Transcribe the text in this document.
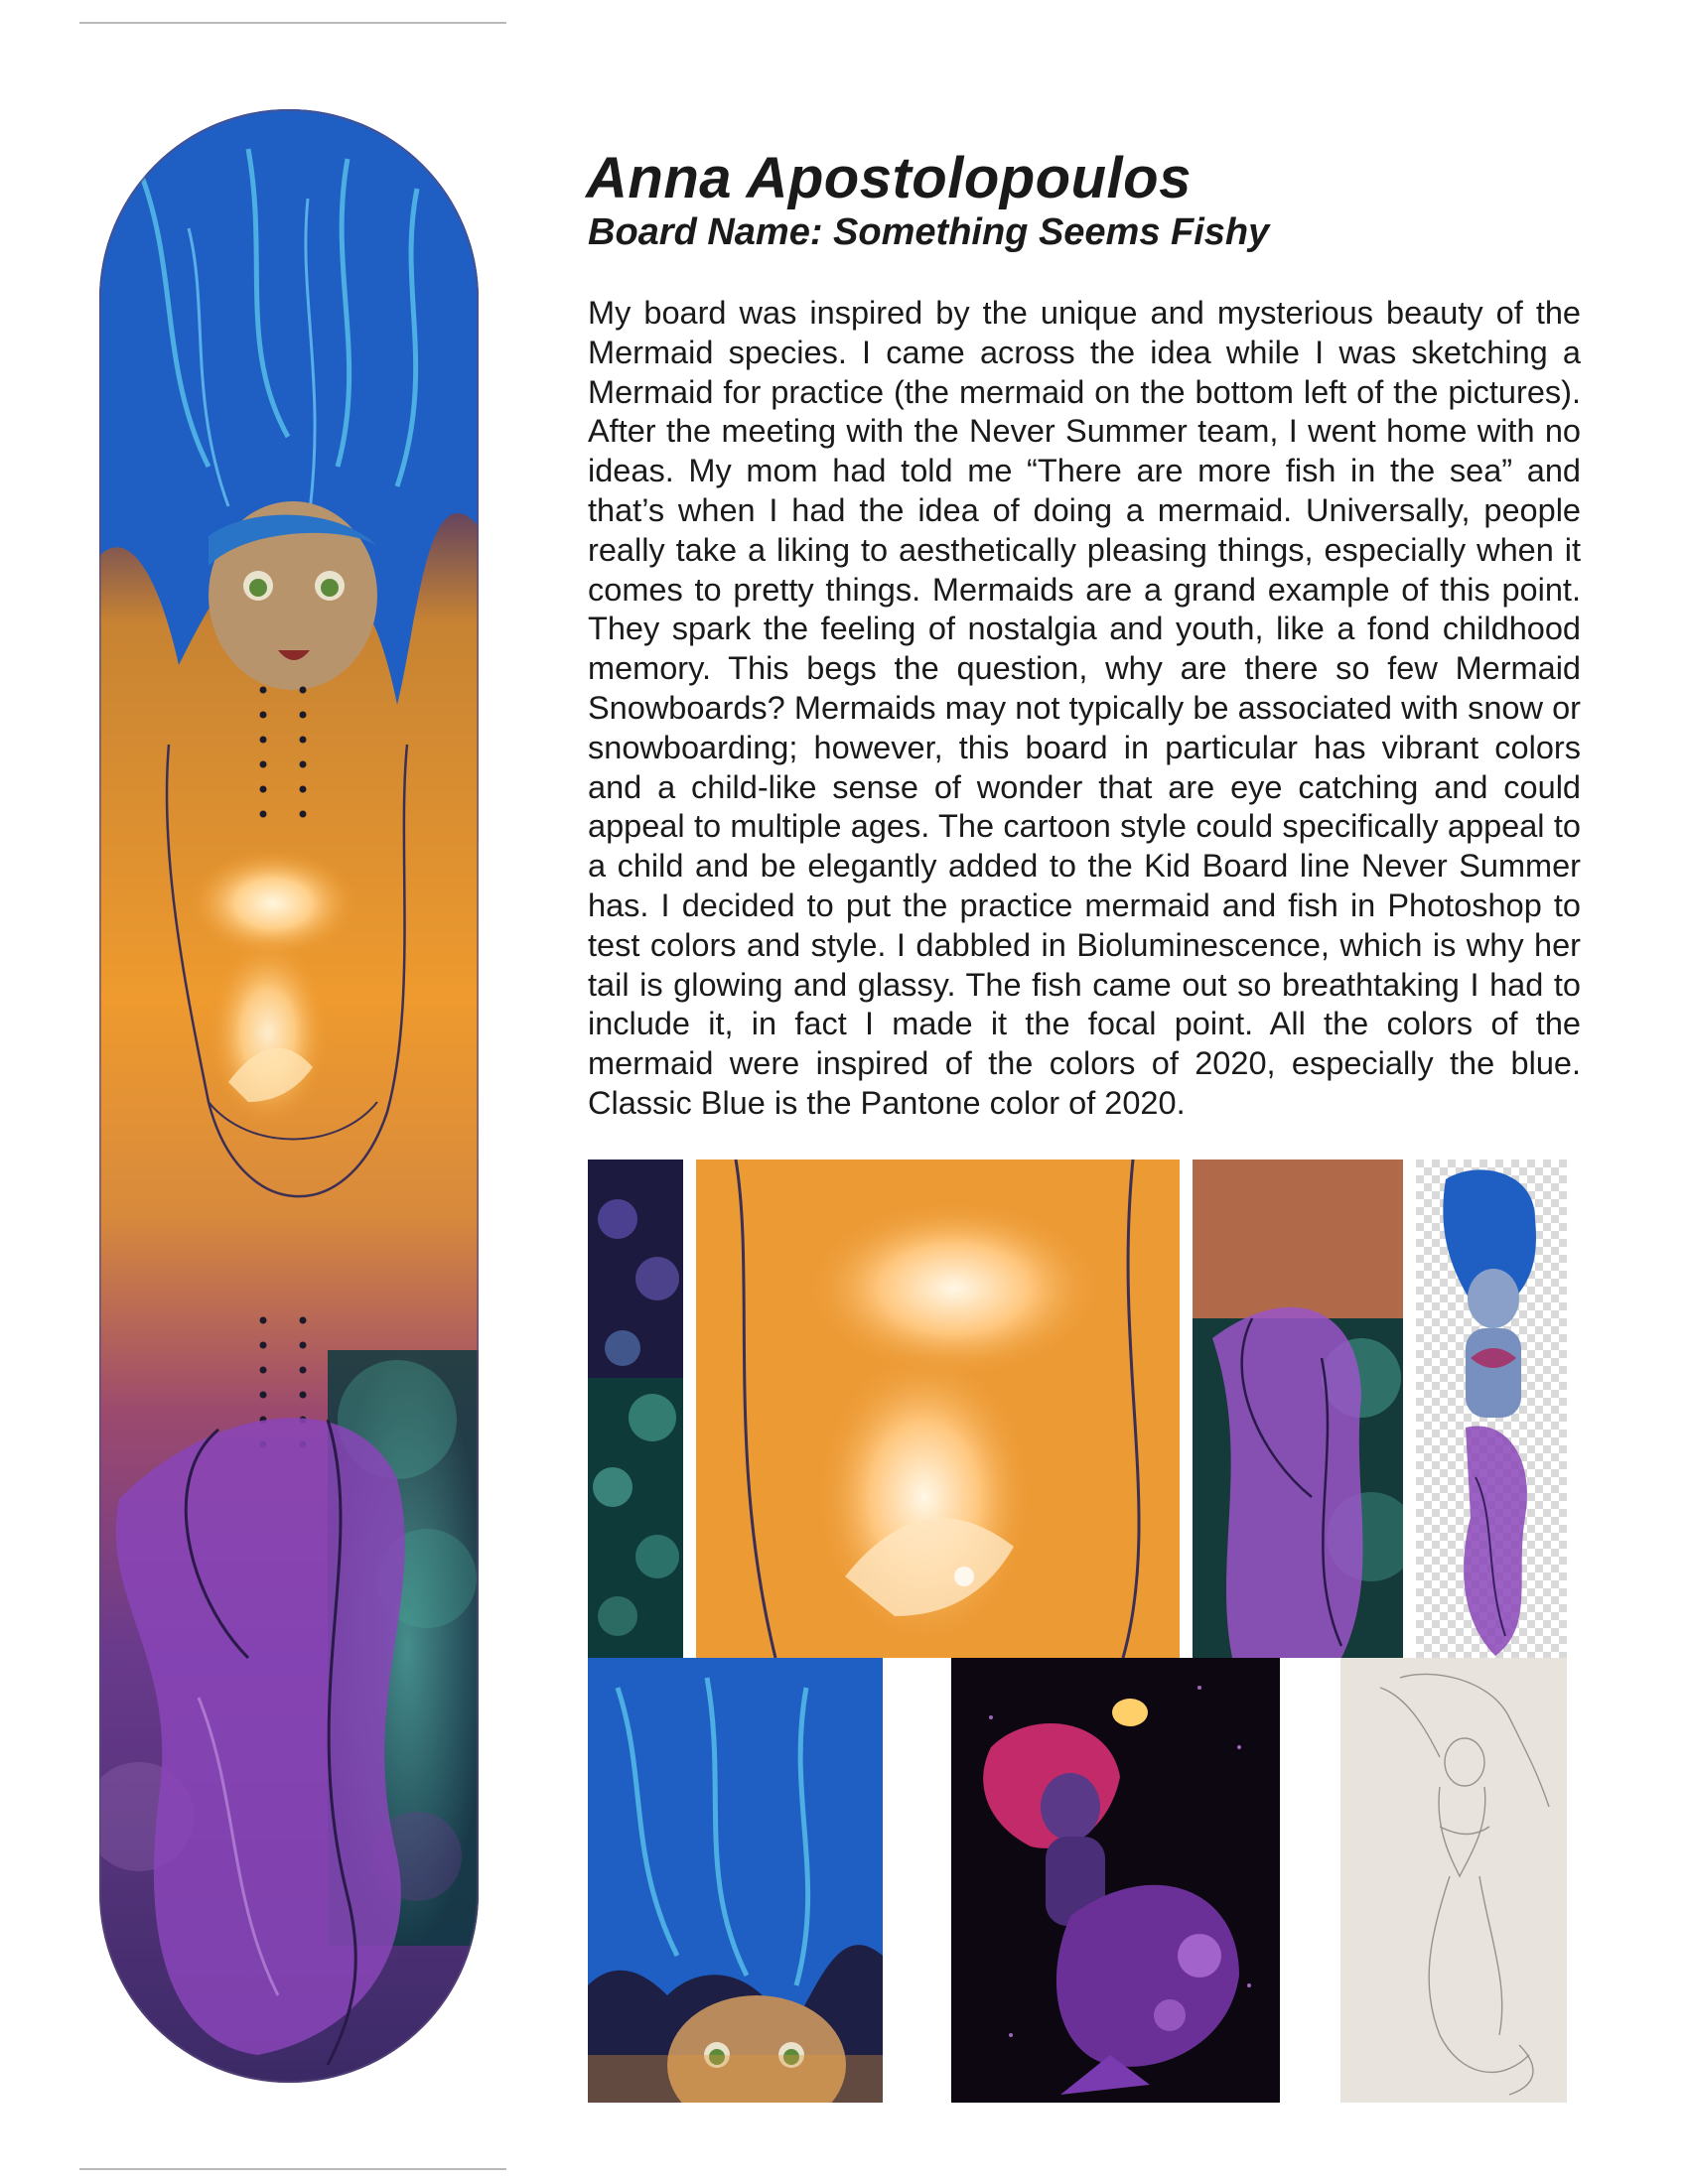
Anna Apostolopoulos
Board Name: Something Seems Fishy

My board was inspired by the unique and mysterious beauty of the Mermaid species. I came across the idea while I was sketching a Mermaid for practice (the mermaid on the bottom left of the pictures). After the meeting with the Never Summer team, I went home with no ideas. My mom had told me “There are more fish in the sea” and that’s when I had the idea of doing a mermaid. Universally, people really take a liking to aesthetically pleasing things, especially when it comes to pretty things. Mermaids are a grand example of this point. They spark the feeling of nostalgia and youth, like a fond childhood memory. This begs the question, why are there so few Mermaid Snowboards? Mermaids may not typically be associated with snow or snowboarding; however, this board in particular has vibrant colors and a child-like sense of wonder that are eye catching and could appeal to multiple ages. The cartoon style could specifically appeal to a child and be elegantly added to the Kid Board line Never Summer has. I decided to put the practice mermaid and fish in Photoshop to test colors and style. I dabbled in Bioluminescence, which is why her tail is glowing and glassy. The fish came out so breathtaking I had to include it, in fact I made it the focal point. All the colors of the mermaid were inspired of the colors of 2020, especially the blue. Classic Blue is the Pantone color of 2020.
